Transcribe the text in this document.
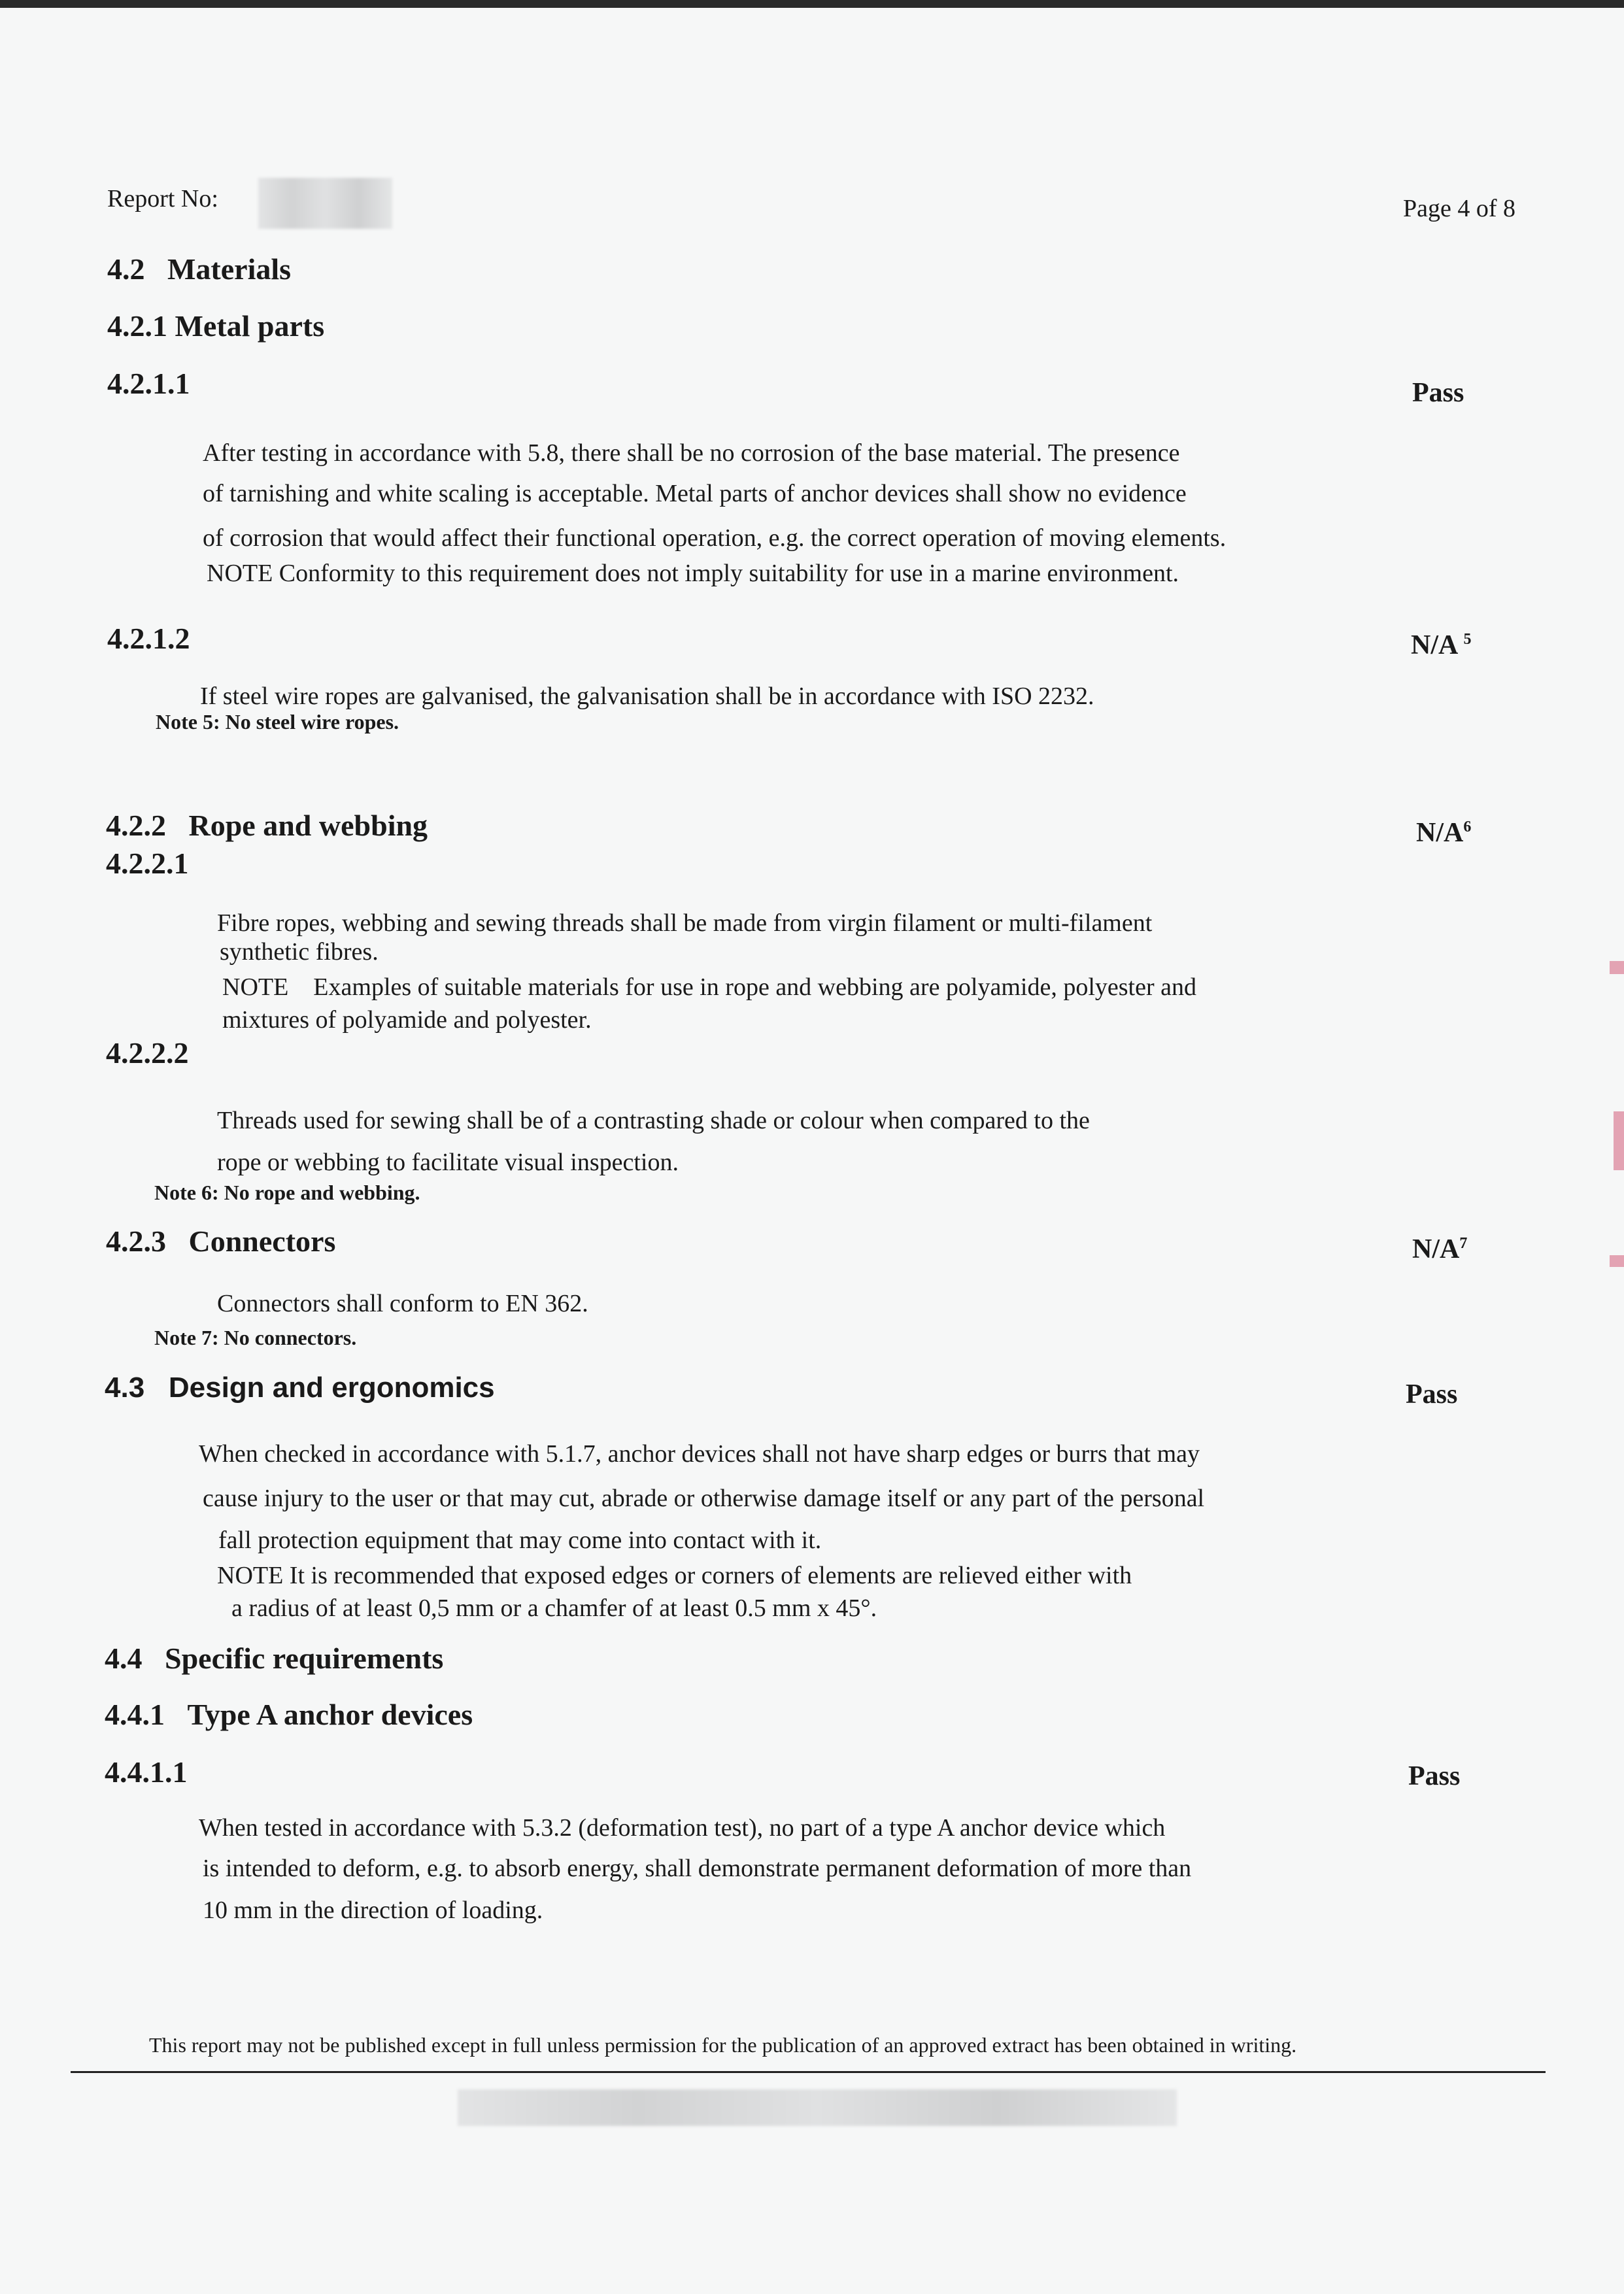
Report No:	Page 4 of 8
4.2 Materials
4.2.1 Metal parts
4.2.1.1	Pass
After testing in accordance with 5.8, there shall be no corrosion of the base material. The presence
of tarnishing and white scaling is acceptable. Metal parts of anchor devices shall show no evidence
of corrosion that would affect their functional operation, e.g. the correct operation of moving elements.
NOTE Conformity to this requirement does not imply suitability for use in a marine environment.
4.2.1.2	N/A $^5$
If steel wire ropes are galvanised, the galvanisation shall be in accordance with ISO 2232.
Note 5: No steel wire ropes.
4.2.2 Rope and webbing	$N/A^6$
4.2.2.1
Fibre ropes, webbing and sewing threads shall be made from virgin filament or multi-filament
synthetic fibres.
NOTE    Examples of suitable materials for use in rope and webbing are polyamide, polyester and
mixtures of polyamide and polyester.
4.2.2.2
Threads used for sewing shall be of a contrasting shade or colour when compared to the
rope or webbing to facilitate visual inspection.
Note 6: No rope and webbing.
4.2.3 Connectors	$N/A^7$
Connectors shall conform to EN 362.
Note 7: No connectors.
4.3 Design and ergonomics	Pass
When checked in accordance with 5.1.7, anchor devices shall not have sharp edges or burrs that may
cause injury to the user or that may cut, abrade or otherwise damage itself or any part of the personal
fall protection equipment that may come into contact with it.
NOTE It is recommended that exposed edges or corners of elements are relieved either with
a radius of at least 0,5 mm or a chamfer of at least 0.5 mm x 45°.
4.4 Specific requirements
4.4.1 Type A anchor devices
4.4.1.1	Pass
When tested in accordance with 5.3.2 (deformation test), no part of a type A anchor device which
is intended to deform, e.g. to absorb energy, shall demonstrate permanent deformation of more than
10 mm in the direction of loading.
This report may not be published except in full unless permission for the publication of an approved extract has been obtained in writing.
